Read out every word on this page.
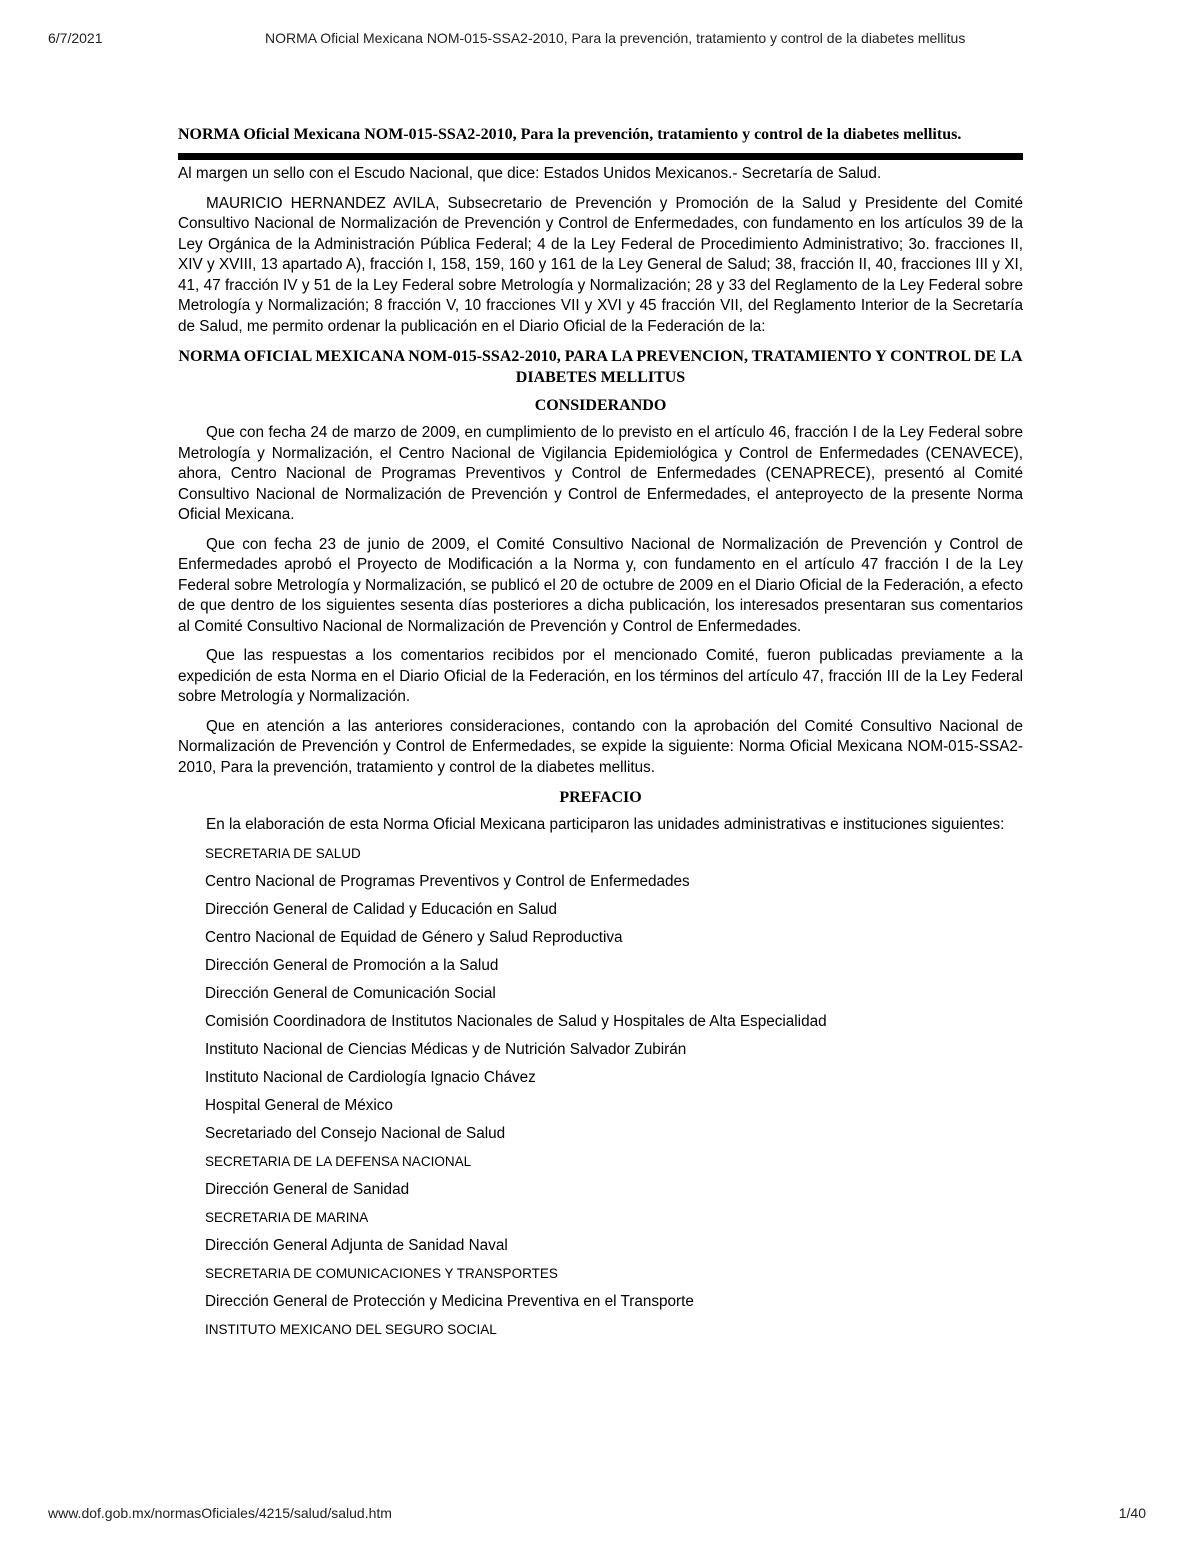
6/7/2021	NORMA Oficial Mexicana NOM-015-SSA2-2010, Para la prevención, tratamiento y control de la diabetes mellitus
NORMA Oficial Mexicana NOM-015-SSA2-2010, Para la prevención, tratamiento y control de la diabetes mellitus.

Al margen un sello con el Escudo Nacional, que dice: Estados Unidos Mexicanos.- Secretaría de Salud.

MAURICIO HERNANDEZ AVILA, Subsecretario de Prevención y Promoción de la Salud y Presidente del Comité Consultivo Nacional de Normalización de Prevención y Control de Enfermedades, con fundamento en los artículos 39 de la Ley Orgánica de la Administración Pública Federal; 4 de la Ley Federal de Procedimiento Administrativo; 3o. fracciones II, XIV y XVIII, 13 apartado A), fracción I, 158, 159, 160 y 161 de la Ley General de Salud; 38, fracción II, 40, fracciones III y XI, 41, 47 fracción IV y 51 de la Ley Federal sobre Metrología y Normalización; 28 y 33 del Reglamento de la Ley Federal sobre Metrología y Normalización; 8 fracción V, 10 fracciones VII y XVI y 45 fracción VII, del Reglamento Interior de la Secretaría de Salud, me permito ordenar la publicación en el Diario Oficial de la Federación de la:

NORMA OFICIAL MEXICANA NOM-015-SSA2-2010, PARA LA PREVENCION, TRATAMIENTO Y CONTROL DE LA DIABETES MELLITUS
CONSIDERANDO

Que con fecha 24 de marzo de 2009, en cumplimiento de lo previsto en el artículo 46, fracción I de la Ley Federal sobre Metrología y Normalización, el Centro Nacional de Vigilancia Epidemiológica y Control de Enfermedades (CENAVECE), ahora, Centro Nacional de Programas Preventivos y Control de Enfermedades (CENAPRECE), presentó al Comité Consultivo Nacional de Normalización de Prevención y Control de Enfermedades, el anteproyecto de la presente Norma Oficial Mexicana.

Que con fecha 23 de junio de 2009, el Comité Consultivo Nacional de Normalización de Prevención y Control de Enfermedades aprobó el Proyecto de Modificación a la Norma y, con fundamento en el artículo 47 fracción I de la Ley Federal sobre Metrología y Normalización, se publicó el 20 de octubre de 2009 en el Diario Oficial de la Federación, a efecto de que dentro de los siguientes sesenta días posteriores a dicha publicación, los interesados presentaran sus comentarios al Comité Consultivo Nacional de Normalización de Prevención y Control de Enfermedades.

Que las respuestas a los comentarios recibidos por el mencionado Comité, fueron publicadas previamente a la expedición de esta Norma en el Diario Oficial de la Federación, en los términos del artículo 47, fracción III de la Ley Federal sobre Metrología y Normalización.

Que en atención a las anteriores consideraciones, contando con la aprobación del Comité Consultivo Nacional de Normalización de Prevención y Control de Enfermedades, se expide la siguiente: Norma Oficial Mexicana NOM-015-SSA2-2010, Para la prevención, tratamiento y control de la diabetes mellitus.

PREFACIO

En la elaboración de esta Norma Oficial Mexicana participaron las unidades administrativas e instituciones siguientes:

SECRETARIA DE SALUD
Centro Nacional de Programas Preventivos y Control de Enfermedades
Dirección General de Calidad y Educación en Salud
Centro Nacional de Equidad de Género y Salud Reproductiva
Dirección General de Promoción a la Salud
Dirección General de Comunicación Social
Comisión Coordinadora de Institutos Nacionales de Salud y Hospitales de Alta Especialidad
Instituto Nacional de Ciencias Médicas y de Nutrición Salvador Zubirán
Instituto Nacional de Cardiología Ignacio Chávez
Hospital General de México
Secretariado del Consejo Nacional de Salud
SECRETARIA DE LA DEFENSA NACIONAL
Dirección General de Sanidad
SECRETARIA DE MARINA
Dirección General Adjunta de Sanidad Naval
SECRETARIA DE COMUNICACIONES Y TRANSPORTES
Dirección General de Protección y Medicina Preventiva en el Transporte
INSTITUTO MEXICANO DEL SEGURO SOCIAL
www.dof.gob.mx/normasOficiales/4215/salud/salud.htm	1/40
